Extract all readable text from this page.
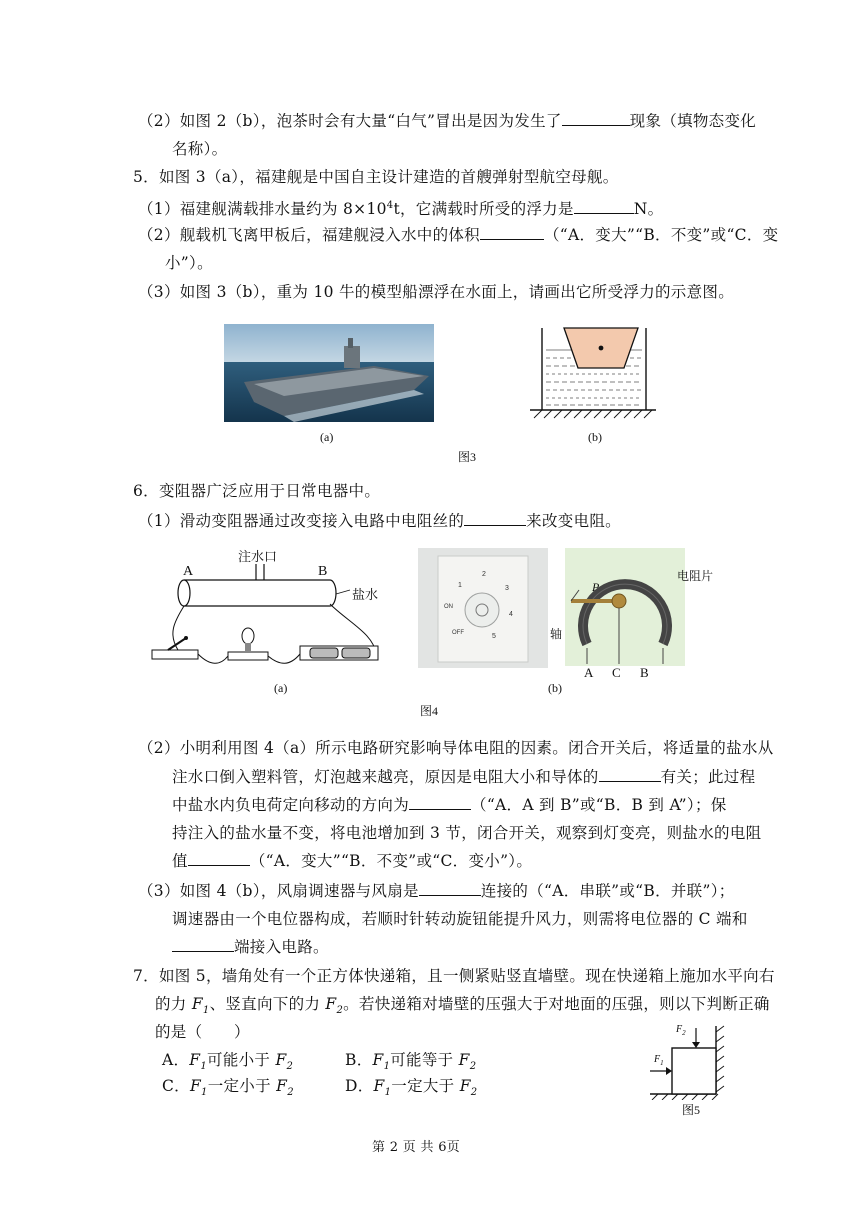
（2）如图 2（b），泡茶时会有大量“白气”冒出是因为发生了	现象（填物态变化
名称）。
5．如图 3（a），福建舰是中国自主设计建造的首艘弹射型航空母舰。
（1）福建舰满载排水量约为 $8\times 10^4t$，它满载时所受的浮力是	N。
（2）舰载机飞离甲板后，福建舰浸入水中的体积	（“A．变大”“B．不变”或“C．变
小”）。
（3）如图 3（b），重为 10 牛的模型船漂浮在水面上，请画出它所受浮力的示意图。
(a)	(b)
图3
6．变阻器广泛应用于日常电器中。
（1）滑动变阻器通过改变接入电路中电阻丝的	来改变电阻。
注水口
A	B
盐水
1
2
3
4
5
ON
OFF
P
电阻片
轴
A C B
(a)	(b)
图4
（2）小明利用图 4（a）所示电路研究影响导体电阻的因素。闭合开关后，将适量的盐水从
注水口倒入塑料管，灯泡越来越亮，原因是电阻大小和导体的	有关；此过程
中盐水内负电荷定向移动的方向为	（“A．A 到 B”或“B．B 到 A”）；保
持注入的盐水量不变，将电池增加到 3 节，闭合开关，观察到灯变亮，则盐水的电阻
值	（“A．变大”“B．不变”或“C．变小”）。
（3）如图 4（b），风扇调速器与风扇是	连接的（“A．串联”或“B．并联”）；
调速器由一个电位器构成，若顺时针转动旋钮能提升风力，则需将电位器的 C 端和
端接入电路。
7．如图 5，墙角处有一个正方体快递箱，且一侧紧贴竖直墙壁。现在快递箱上施加水平向右
的力 $F_1$、竖直向下的力 $F_2$。若快递箱对墙壁的压强大于对地面的压强，则以下判断正确
的是（　　）
A．$F_1$可能小于 $F_2$	B．$F_1$可能等于 $F_2$
C．$F_1$一定小于 $F_2$	D．$F_1$一定大于 $F_2$
$F_2$
$F_1$
图5
第 2 页 共 6页
